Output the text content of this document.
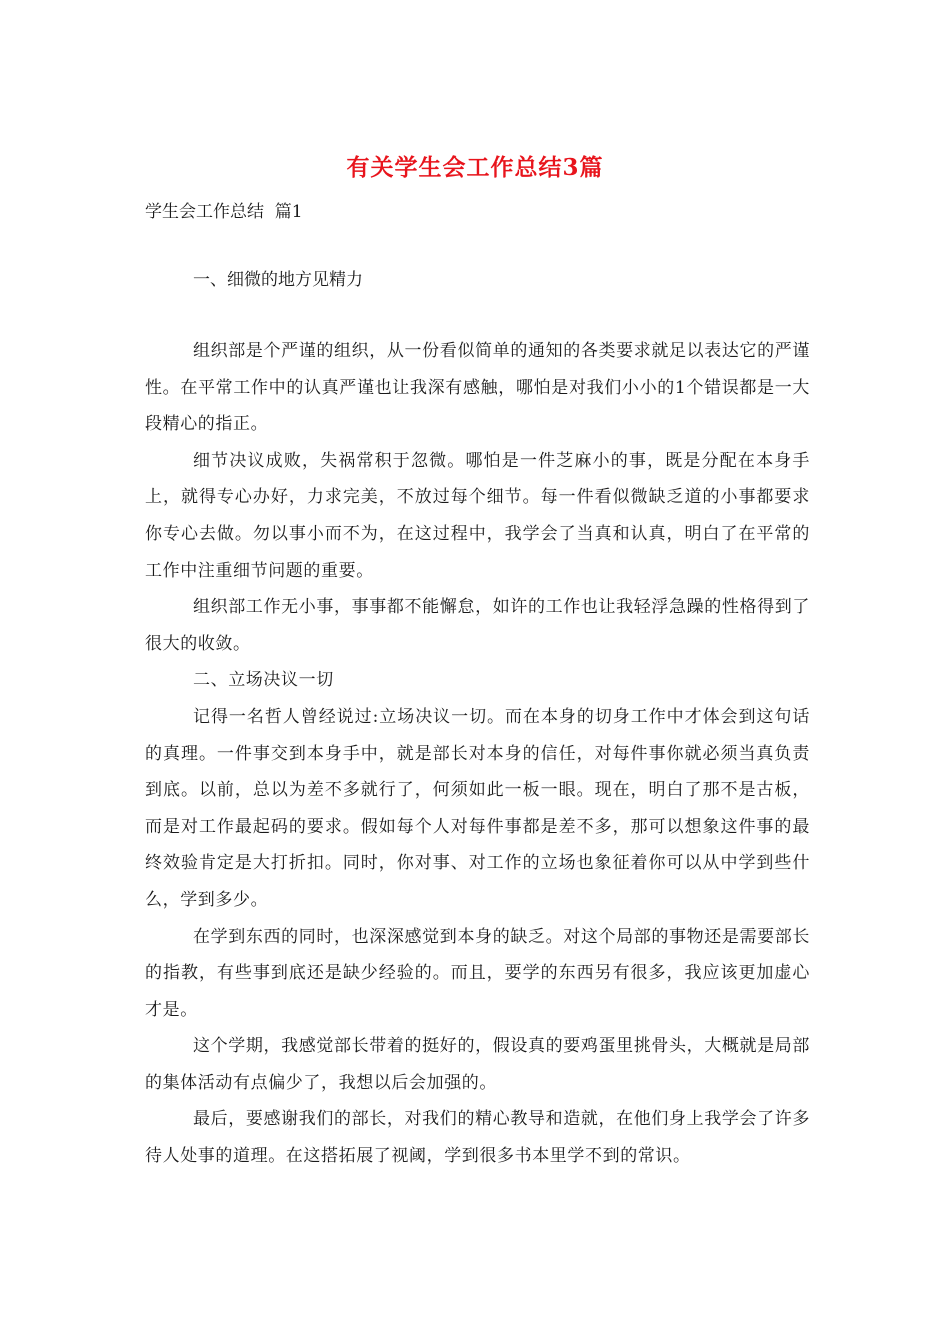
有关学生会工作总结3篇
学生会工作总结  篇1
一、细微的地方见精力

组织部是个严谨的组织，从一份看似简单的通知的各类要求就足以表达它的严谨性。在平常工作中的认真严谨也让我深有感触，哪怕是对我们小小的1个错误都是一大段精心的指正。

细节决议成败，失祸常积于忽微。哪怕是一件芝麻小的事，既是分配在本身手上，就得专心办好，力求完美，不放过每个细节。每一件看似微缺乏道的小事都要求你专心去做。勿以事小而不为，在这过程中，我学会了当真和认真，明白了在平常的工作中注重细节问题的重要。

组织部工作无小事，事事都不能懈怠，如许的工作也让我轻浮急躁的性格得到了很大的收敛。

二、立场决议一切

记得一名哲人曾经说过:立场决议一切。而在本身的切身工作中才体会到这句话的真理。一件事交到本身手中，就是部长对本身的信任，对每件事你就必须当真负责到底。以前，总以为差不多就行了，何须如此一板一眼。现在，明白了那不是古板，而是对工作最起码的要求。假如每个人对每件事都是差不多，那可以想象这件事的最终效验肯定是大打折扣。同时，你对事、对工作的立场也象征着你可以从中学到些什么，学到多少。

在学到东西的同时，也深深感觉到本身的缺乏。对这个局部的事物还是需要部长的指教，有些事到底还是缺少经验的。而且，要学的东西另有很多，我应该更加虚心才是。

这个学期，我感觉部长带着的挺好的，假设真的要鸡蛋里挑骨头，大概就是局部的集体活动有点偏少了，我想以后会加强的。

最后，要感谢我们的部长，对我们的精心教导和造就，在他们身上我学会了许多待人处事的道理。在这搭拓展了视阈，学到很多书本里学不到的常识。
